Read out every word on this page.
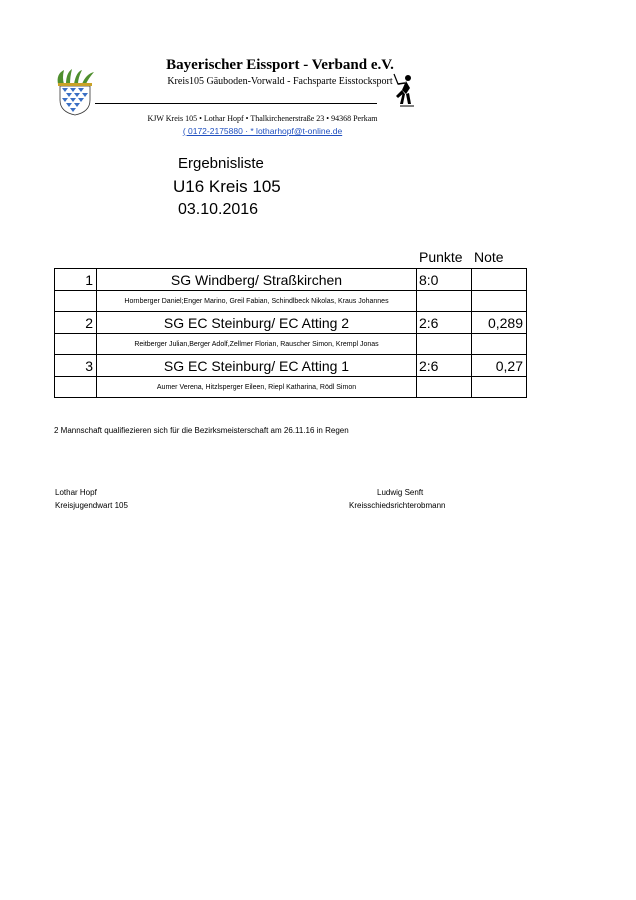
Bayerischer Eissport - Verband e.V.
Kreis105 Gäuboden-Vorwald - Fachsparte Eisstocksport
KJW Kreis 105 • Lothar Hopf • Thalkirchenerstraße 23 • 94368 Perkam
( 0172-2175880 · * lotharhopf@t-online.de
Ergebnisliste
U16 Kreis 105
03.10.2016
Punkte Note
1	SG Windberg/ Straßkirchen	8:0	
	Hornberger Daniel;Enger Marino, Greil Fabian, Schindlbeck Nikolas, Kraus Johannes		
2	SG EC Steinburg/ EC Atting 2	2:6	0,289
	Reitberger Julian,Berger Adolf,Zellmer Florian, Rauscher Simon, Krempl Jonas		
3	SG EC Steinburg/ EC Atting 1	2:6	0,27
	Aumer Verena, Hitzlsperger Eileen, Riepl Katharina, Rödl Simon		
2 Mannschaft qualifiezieren sich für die Bezirksmeisterschaft am 26.11.16 in Regen
Lothar Hopf
Kreisjugendwart 105
Ludwig Senft
Kreisschiedsrichterobmann
